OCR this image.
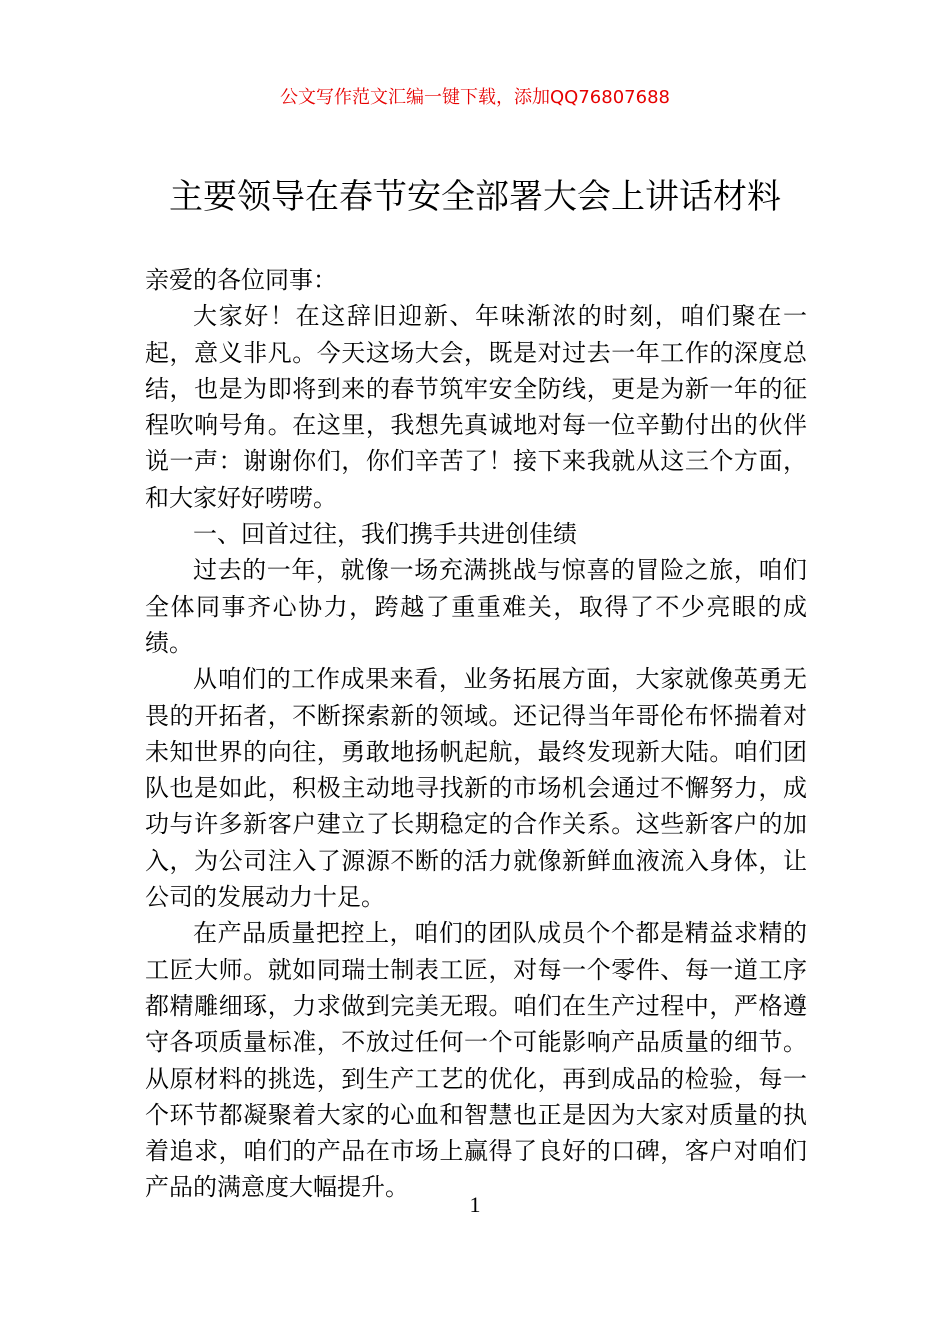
公文写作范文汇编一键下载，添加QQ76807688
主要领导在春节安全部署大会上讲话材料

亲爱的各位同事：

大家好！在这辞旧迎新、年味渐浓的时刻，咱们聚在一起，意义非凡。今天这场大会，既是对过去一年工作的深度总结，也是为即将到来的春节筑牢安全防线，更是为新一年的征程吹响号角。在这里，我想先真诚地对每一位辛勤付出的伙伴说一声：谢谢你们，你们辛苦了！接下来我就从这三个方面，和大家好好唠唠。

一、回首过往，我们携手共进创佳绩

过去的一年，就像一场充满挑战与惊喜的冒险之旅，咱们全体同事齐心协力，跨越了重重难关，取得了不少亮眼的成绩。

从咱们的工作成果来看，业务拓展方面，大家就像英勇无畏的开拓者，不断探索新的领域。还记得当年哥伦布怀揣着对未知世界的向往，勇敢地扬帆起航，最终发现新大陆。咱们团队也是如此，积极主动地寻找新的市场机会通过不懈努力，成功与许多新客户建立了长期稳定的合作关系。这些新客户的加入，为公司注入了源源不断的活力就像新鲜血液流入身体，让公司的发展动力十足。

在产品质量把控上，咱们的团队成员个个都是精益求精的工匠大师。就如同瑞士制表工匠，对每一个零件、每一道工序都精雕细琢，力求做到完美无瑕。咱们在生产过程中，严格遵守各项质量标准，不放过任何一个可能影响产品质量的细节。从原材料的挑选，到生产工艺的优化，再到成品的检验，每一个环节都凝聚着大家的心血和智慧也正是因为大家对质量的执着追求，咱们的产品在市场上赢得了良好的口碑，客户对咱们产品的满意度大幅提升。

1
